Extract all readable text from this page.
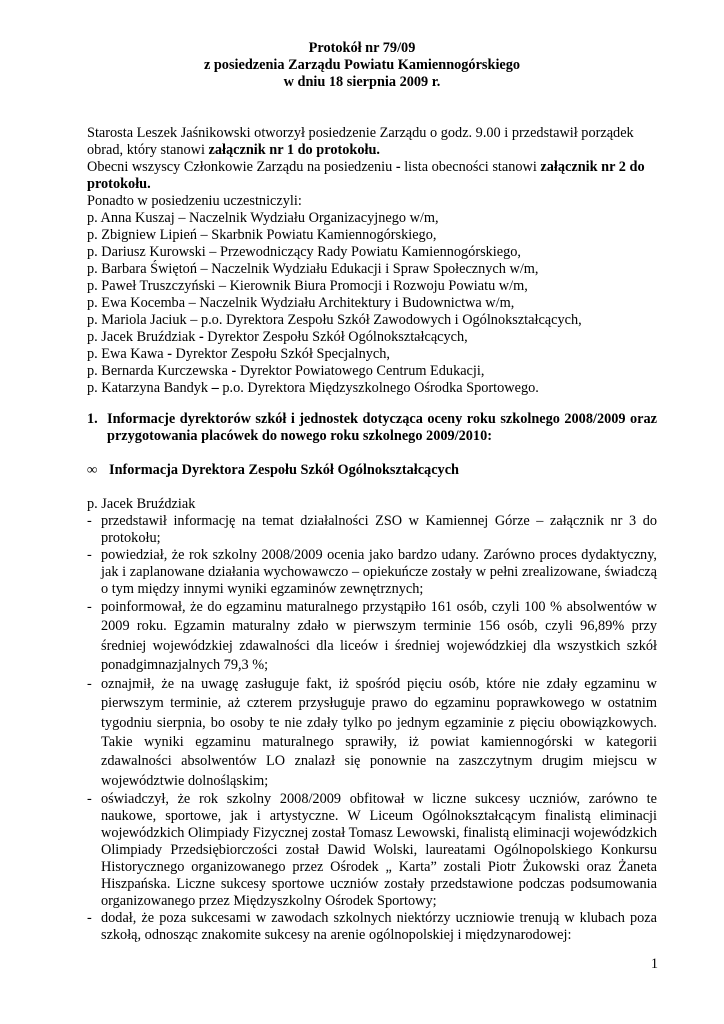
Protokół nr 79/09
z posiedzenia Zarządu Powiatu Kamiennogórskiego
w dniu 18 sierpnia 2009 r.

Starosta Leszek Jaśnikowski otworzył posiedzenie Zarządu o godz. 9.00 i przedstawił porządek obrad, który stanowi załącznik nr 1 do protokołu.

Obecni wszyscy Członkowie Zarządu na posiedzeniu - lista obecności stanowi załącznik nr 2 do protokołu.

Ponadto w posiedzeniu uczestniczyli:

p. Anna Kuszaj – Naczelnik Wydziału Organizacyjnego w/m,

p. Zbigniew Lipień – Skarbnik Powiatu Kamiennogórskiego,

p. Dariusz Kurowski – Przewodniczący Rady Powiatu Kamiennogórskiego,

p. Barbara Świętoń – Naczelnik Wydziału Edukacji i Spraw Społecznych w/m,

p. Paweł Truszczyński – Kierownik Biura Promocji i Rozwoju Powiatu w/m,

p. Ewa Kocemba – Naczelnik Wydziału Architektury i Budownictwa w/m,

p. Mariola Jaciuk – p.o. Dyrektora Zespołu Szkół Zawodowych i Ogólnokształcących,

p. Jacek Bruździak - Dyrektor Zespołu Szkół Ogólnokształcących,

p. Ewa Kawa - Dyrektor Zespołu Szkół Specjalnych,

p. Bernarda Kurczewska - Dyrektor Powiatowego Centrum Edukacji,

p. Katarzyna Bandyk – p.o. Dyrektora Międzyszkolnego Ośrodka Sportowego.

1. Informacje dyrektorów szkół i jednostek dotycząca oceny roku szkolnego 2008/2009 oraz przygotowania placówek do nowego roku szkolnego 2009/2010:
∞ Informacja Dyrektora Zespołu Szkół Ogólnokształcących

p. Jacek Bruździak

- przedstawił informację na temat działalności ZSO w Kamiennej Górze – załącznik nr 3 do protokołu;
- powiedział, że rok szkolny 2008/2009 ocenia jako bardzo udany. Zarówno proces dydaktyczny, jak i zaplanowane działania wychowawczo – opiekuńcze zostały w pełni zrealizowane, świadczą o tym między innymi wyniki egzaminów zewnętrznych;
- poinformował, że do egzaminu maturalnego przystąpiło 161 osób, czyli 100 % absolwentów w 2009 roku. Egzamin maturalny zdało w pierwszym terminie 156 osób, czyli 96,89% przy średniej wojewódzkiej zdawalności dla liceów i średniej wojewódzkiej dla wszystkich szkół ponadgimnazjalnych 79,3 %;
- oznajmił, że na uwagę zasługuje fakt, iż spośród pięciu osób, które nie zdały egzaminu w pierwszym terminie, aż czterem przysługuje prawo do egzaminu poprawkowego w ostatnim tygodniu sierpnia, bo osoby te nie zdały tylko po jednym egzaminie z pięciu obowiązkowych. Takie wyniki egzaminu maturalnego sprawiły, iż powiat kamiennogórski w kategorii zdawalności absolwentów LO znalazł się ponownie na zaszczytnym drugim miejscu w województwie dolnośląskim;
- oświadczył, że rok szkolny 2008/2009 obfitował w liczne sukcesy uczniów, zarówno te naukowe, sportowe, jak i artystyczne. W Liceum Ogólnokształcącym finalistą eliminacji wojewódzkich Olimpiady Fizycznej został Tomasz Lewowski, finalistą eliminacji wojewódzkich Olimpiady Przedsiębiorczości został Dawid Wolski, laureatami Ogólnopolskiego Konkursu Historycznego organizowanego przez Ośrodek „ Karta” zostali Piotr Żukowski oraz Żaneta Hiszpańska. Liczne sukcesy sportowe uczniów zostały przedstawione podczas podsumowania organizowanego przez Międzyszkolny Ośrodek Sportowy;
- dodał, że poza sukcesami w zawodach szkolnych niektórzy uczniowie trenują w klubach poza szkołą, odnosząc znakomite sukcesy na arenie ogólnopolskiej i międzynarodowej:
1
